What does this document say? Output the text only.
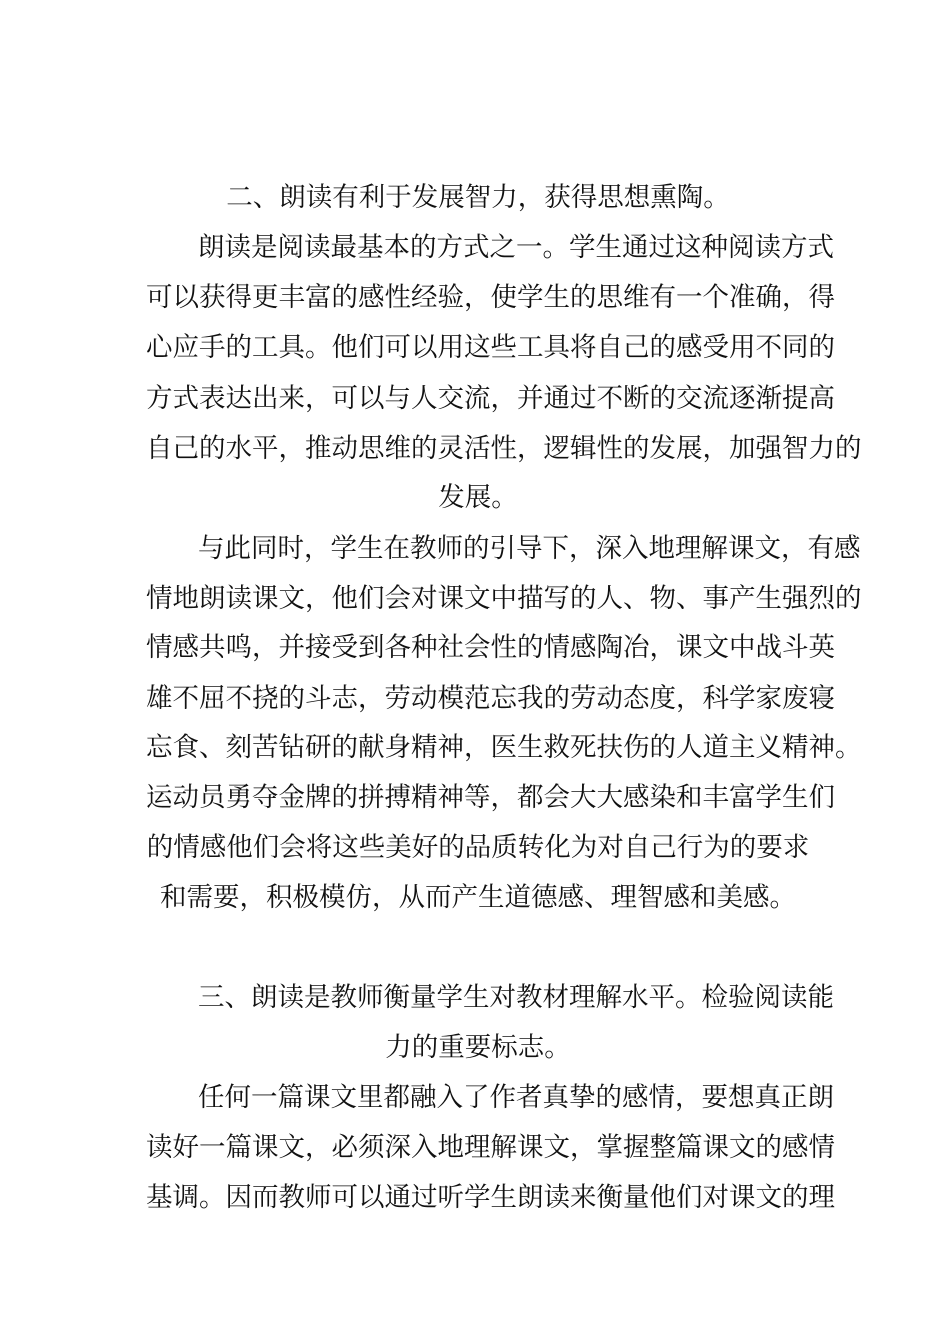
二、朗读有利于发展智力，获得思想熏陶。
朗读是阅读最基本的方式之一。学生通过这种阅读方式
可以获得更丰富的感性经验，使学生的思维有一个准确，得
心应手的工具。他们可以用这些工具将自己的感受用不同的
方式表达出来，可以与人交流，并通过不断的交流逐渐提高
自己的水平，推动思维的灵活性，逻辑性的发展，加强智力的
发展。
与此同时，学生在教师的引导下，深入地理解课文，有感
情地朗读课文，他们会对课文中描写的人、物、事产生强烈的
情感共鸣，并接受到各种社会性的情感陶冶，课文中战斗英
雄不屈不挠的斗志，劳动模范忘我的劳动态度，科学家废寝
忘食、刻苦钻研的献身精神，医生救死扶伤的人道主义精神。
运动员勇夺金牌的拼搏精神等，都会大大感染和丰富学生们
的情感他们会将这些美好的品质转化为对自己行为的要求
和需要，积极模仿，从而产生道德感、理智感和美感。
三、朗读是教师衡量学生对教材理解水平。检验阅读能
力的重要标志。
任何一篇课文里都融入了作者真挚的感情，要想真正朗
读好一篇课文，必须深入地理解课文，掌握整篇课文的感情
基调。因而教师可以通过听学生朗读来衡量他们对课文的理
